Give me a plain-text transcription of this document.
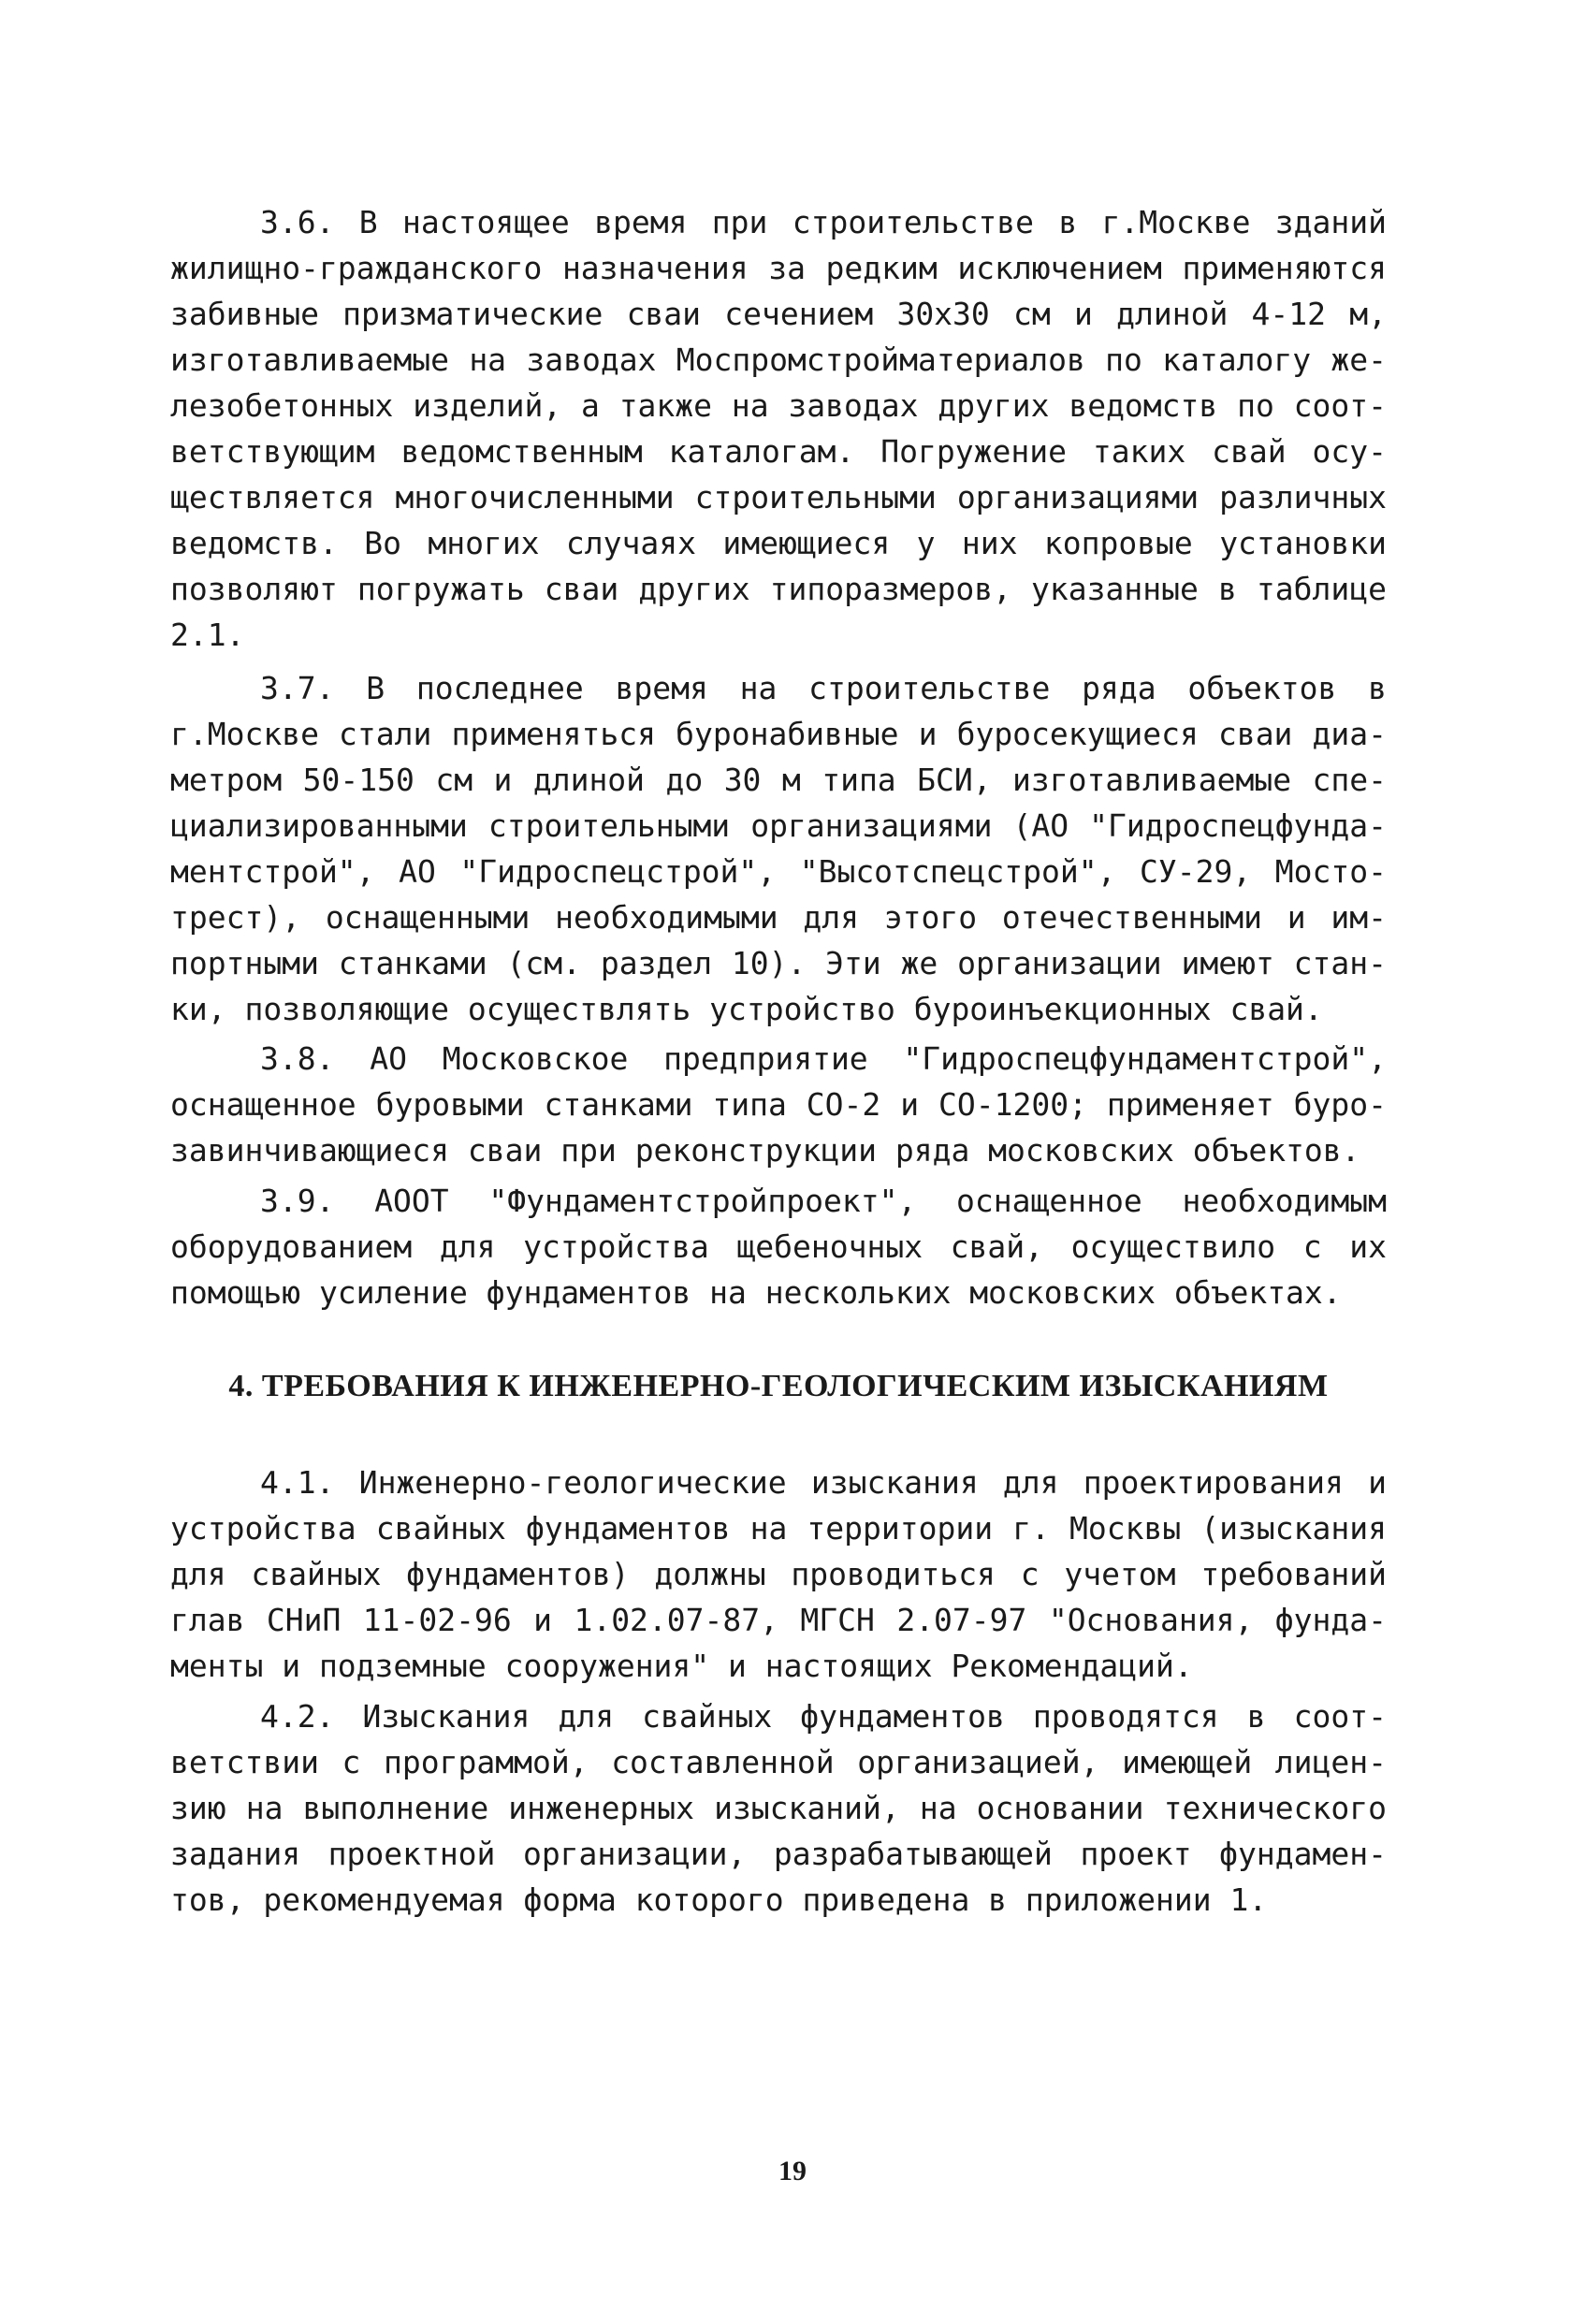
3.6. В настоящее время при строительстве в г.Москве зданий
жилищно-гражданского назначения за редким исключением применяются
забивные призматические сваи сечением 30x30 см и длиной 4-12 м,
изготавливаемые на заводах Моспромстройматериалов по каталогу же-
лезобетонных изделий, а также на заводах других ведомств по соот-
ветствующим ведомственным каталогам. Погружение таких свай осу-
ществляется многочисленными строительными организациями различных
ведомств. Во многих случаях имеющиеся у них копровые установки
позволяют погружать сваи других типоразмеров, указанные в таблице
2.1.
3.7. В последнее время на строительстве ряда объектов в
г.Москве стали применяться буронабивные и буросекущиеся сваи диа-
метром 50-150 см и длиной до 30 м типа БСИ, изготавливаемые спе-
циализированными строительными организациями (АО "Гидроспецфунда-
ментстрой", АО "Гидроспецстрой", "Высотспецстрой", СУ-29, Мосто-
трест), оснащенными необходимыми для этого отечественными и им-
портными станками (см. раздел 10). Эти же организации имеют стан-
ки, позволяющие осуществлять устройство буроинъекционных свай.
3.8. АО Московское предприятие "Гидроспецфундаментстрой",
оснащенное буровыми станками типа СО-2 и СО-1200; применяет буро-
завинчивающиеся сваи при реконструкции ряда московских объектов.
3.9. АООТ "Фундаментстройпроект", оснащенное необходимым
оборудованием для устройства щебеночных свай, осуществило с их
помощью усиление фундаментов на нескольких московских объектах.
4. ТРЕБОВАНИЯ К ИНЖЕНЕРНО-ГЕОЛОГИЧЕСКИМ ИЗЫСКАНИЯМ
4.1. Инженерно-геологические изыскания для проектирования и
устройства свайных фундаментов на территории г. Москвы (изыскания
для свайных фундаментов) должны проводиться с учетом требований
глав СНиП 11-02-96 и 1.02.07-87, МГСН 2.07-97 "Основания, фунда-
менты и подземные сооружения" и настоящих Рекомендаций.
4.2. Изыскания для свайных фундаментов проводятся в соот-
ветствии с программой, составленной организацией, имеющей лицен-
зию на выполнение инженерных изысканий, на основании технического
задания проектной организации, разрабатывающей проект фундамен-
тов, рекомендуемая форма которого приведена в приложении 1.
19
